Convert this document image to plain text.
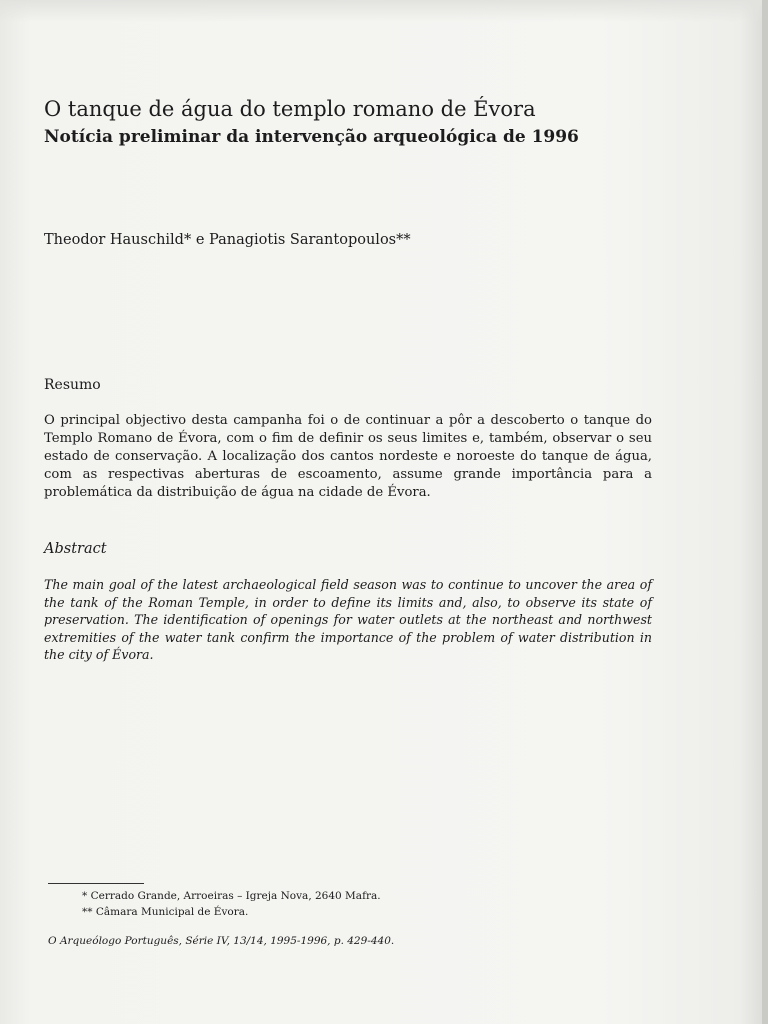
O tanque de água do templo romano de Évora
Notícia preliminar da intervenção arqueológica de 1996
Theodor Hauschild* e Panagiotis Sarantopoulos**
Resumo

O principal objectivo desta campanha foi o de continuar a pôr a descoberto o tanque do Templo Romano de Évora, com o fim de definir os seus limites e, também, observar o seu estado de conservação. A localização dos cantos nordeste e noroeste do tanque de água, com as respectivas aberturas de escoamento, assume grande importância para a problemática da distribuição de água na cidade de Évora.

Abstract

The main goal of the latest archaeological field season was to continue to uncover the area of the tank of the Roman Temple, in order to define its limits and, also, to observe its state of preservation. The identification of openings for water outlets at the northeast and northwest extremities of the water tank confirm the importance of the problem of water distribution in the city of Évora.

* Cerrado Grande, Arroeiras – Igreja Nova, 2640 Mafra.
** Câmara Municipal de Évora.
O Arqueólogo Português, Série IV, 13/14, 1995-1996, p. 429-440.
